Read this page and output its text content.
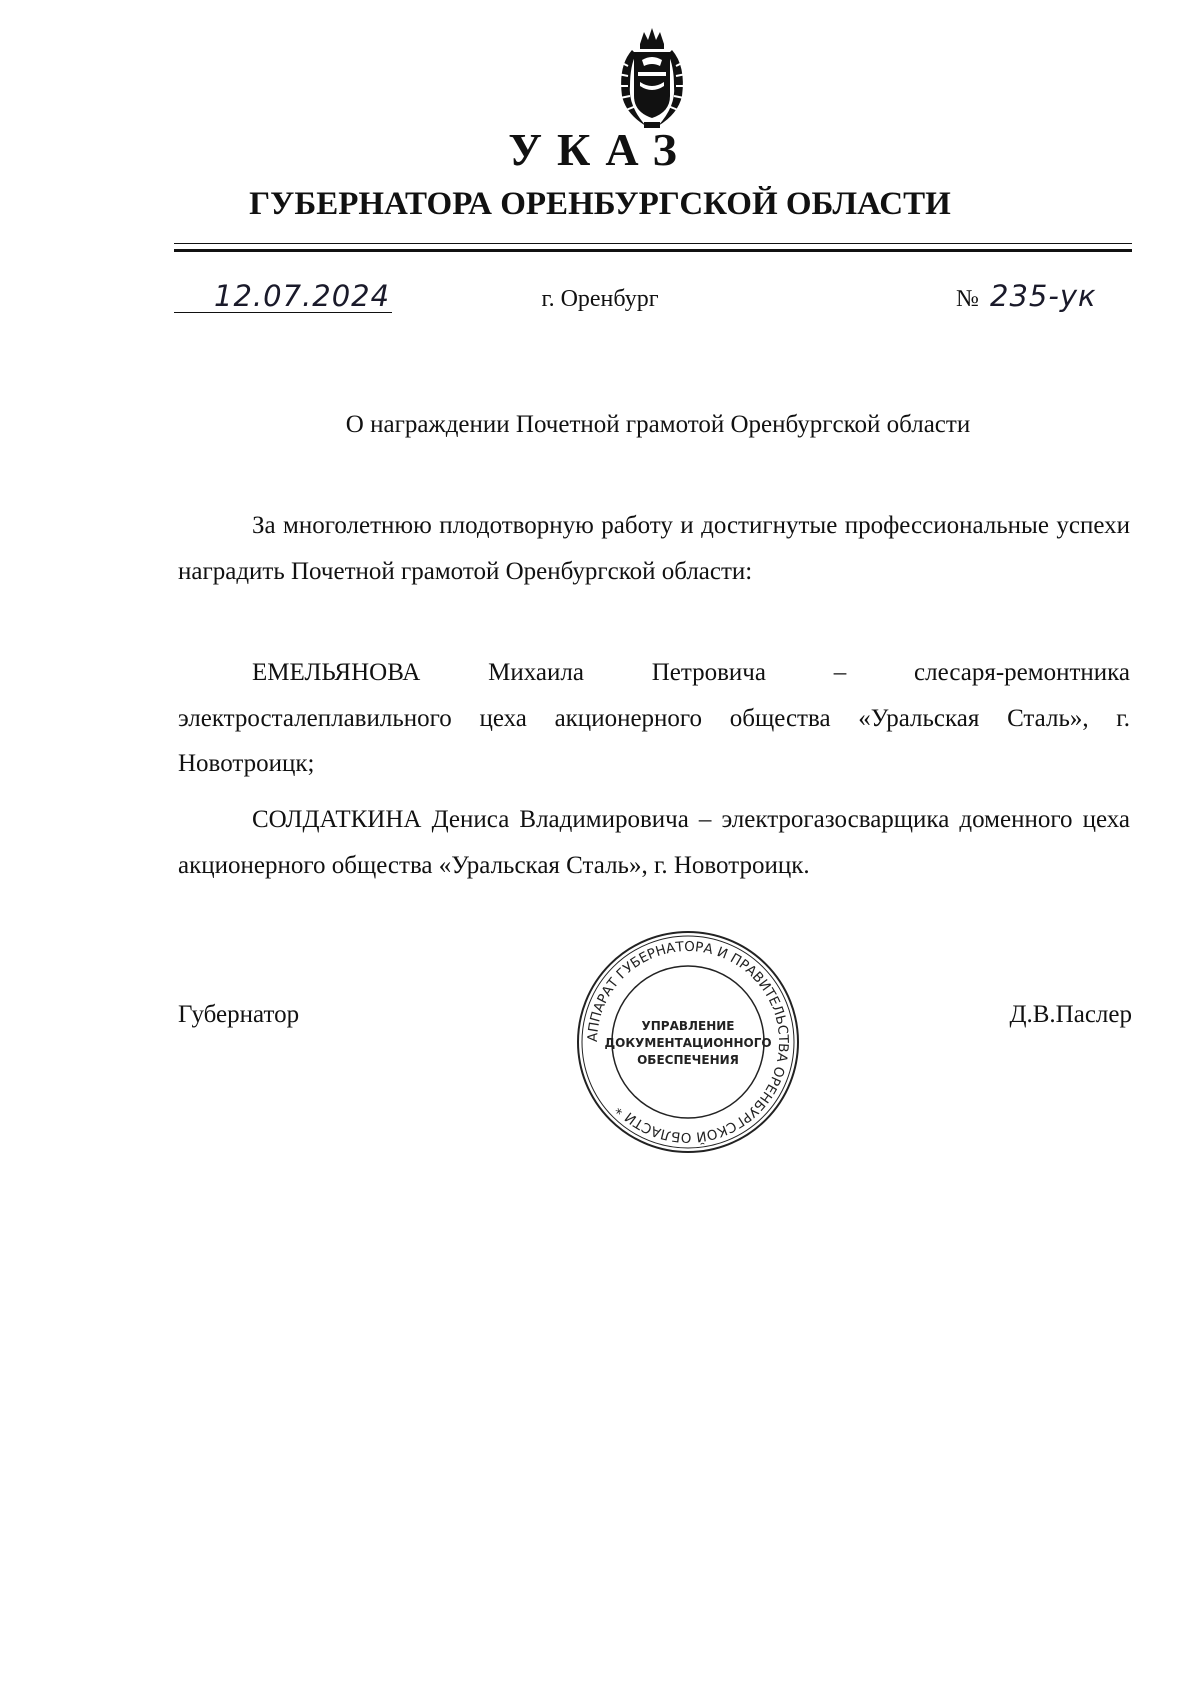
УКАЗ
ГУБЕРНАТОРА ОРЕНБУРГСКОЙ ОБЛАСТИ
12.07.2024	г. Оренбург	№ 235-ук
О награждении Почетной грамотой Оренбургской области

За многолетнюю плодотворную работу и достигнутые профессиональные успехи наградить Почетной грамотой Оренбургской области:

ЕМЕЛЬЯНОВА Михаила Петровича – слесаря-ремонтника электросталеплавильного цеха акционерного общества «Уральская Сталь», г. Новотроицк;

СОЛДАТКИНА Дениса Владимировича – электрогазосварщика доменного цеха акционерного общества «Уральская Сталь», г. Новотроицк.

Губернатор	Д.В.Паслер
АППАРАТ ГУБЕРНАТОРА И ПРАВИТЕЛЬСТВА ОРЕНБУРГСКОЙ ОБЛАСТИ *
УПРАВЛЕНИЕ
ДОКУМЕНТАЦИОННОГО
ОБЕСПЕЧЕНИЯ
